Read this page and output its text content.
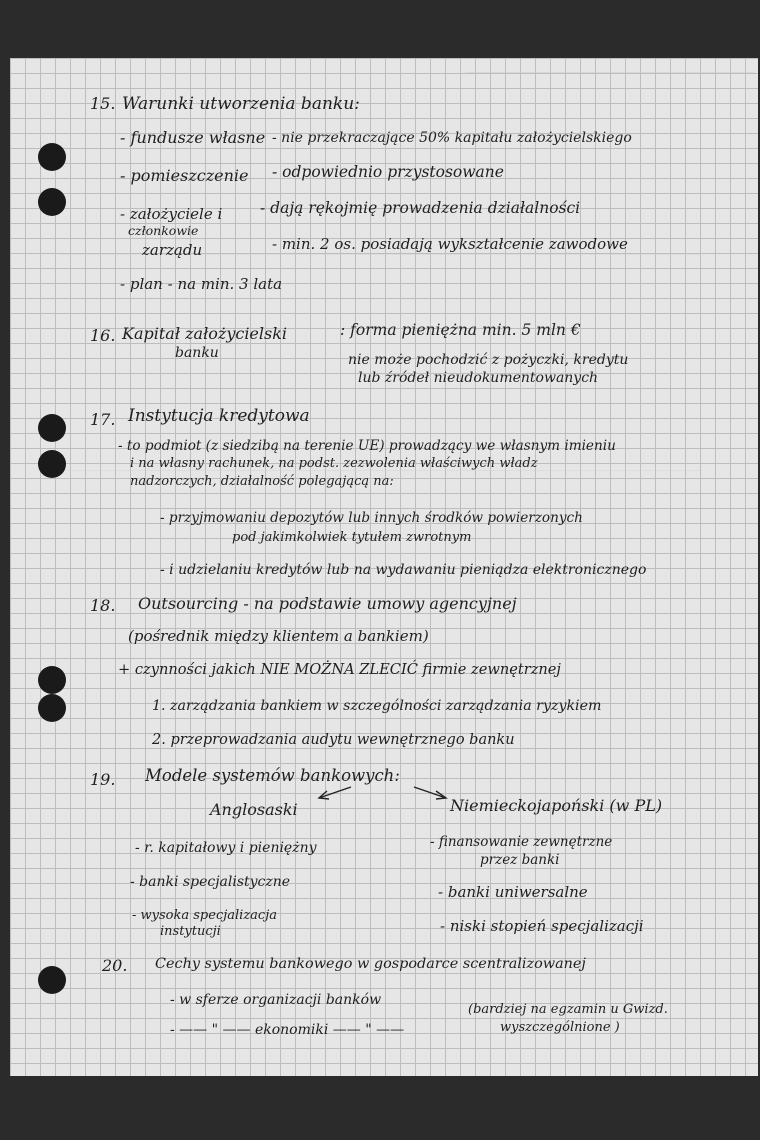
15. Warunki utworzenia banku:
- fundusze własne - nie przekraczające 50% kapitału założycielskiego
- pomieszczenie - odpowiednio przystosowane
- założyciele i
członkowie
zarządu
- dają rękojmię prowadzenia działalności
- min. 2 os. posiadają wykształcenie zawodowe
- plan - na min. 3 lata
16. Kapitał założycielski
banku
: forma pieniężna min. 5 mln €
nie może pochodzić z pożyczki, kredytu
lub źródeł nieudokumentowanych
17. Instytucja kredytowa
- to podmiot (z siedzibą na terenie UE) prowadzący we własnym imieniu
i na własny rachunek, na podst. zezwolenia właściwych władz
nadzorczych, działalność polegającą na:
- przyjmowaniu depozytów lub innych środków powierzonych
pod jakimkolwiek tytułem zwrotnym
- i udzielaniu kredytów lub na wydawaniu pieniądza elektronicznego
18. Outsourcing - na podstawie umowy agencyjnej
(pośrednik między klientem a bankiem)
+ czynności jakich NIE MOŻNA ZLECIĆ firmie zewnętrznej
1. zarządzania bankiem w szczególności zarządzania ryzykiem
2. przeprowadzania audytu wewnętrznego banku
19. Modele systemów bankowych:
Anglosaski	Niemieckojapoński (w PL)
- r. kapitałowy i pieniężny
- banki specjalistyczne
- wysoka specjalizacja
instytucji
- finansowanie zewnętrzne
przez banki
- banki uniwersalne
- niski stopień specjalizacji
20. Cechy systemu bankowego w gospodarce scentralizowanej
- w sferze organizacji banków
- —— " —— ekonomiki —— " ——
(bardziej na egzamin u Gwizd.
wyszczególnione )
